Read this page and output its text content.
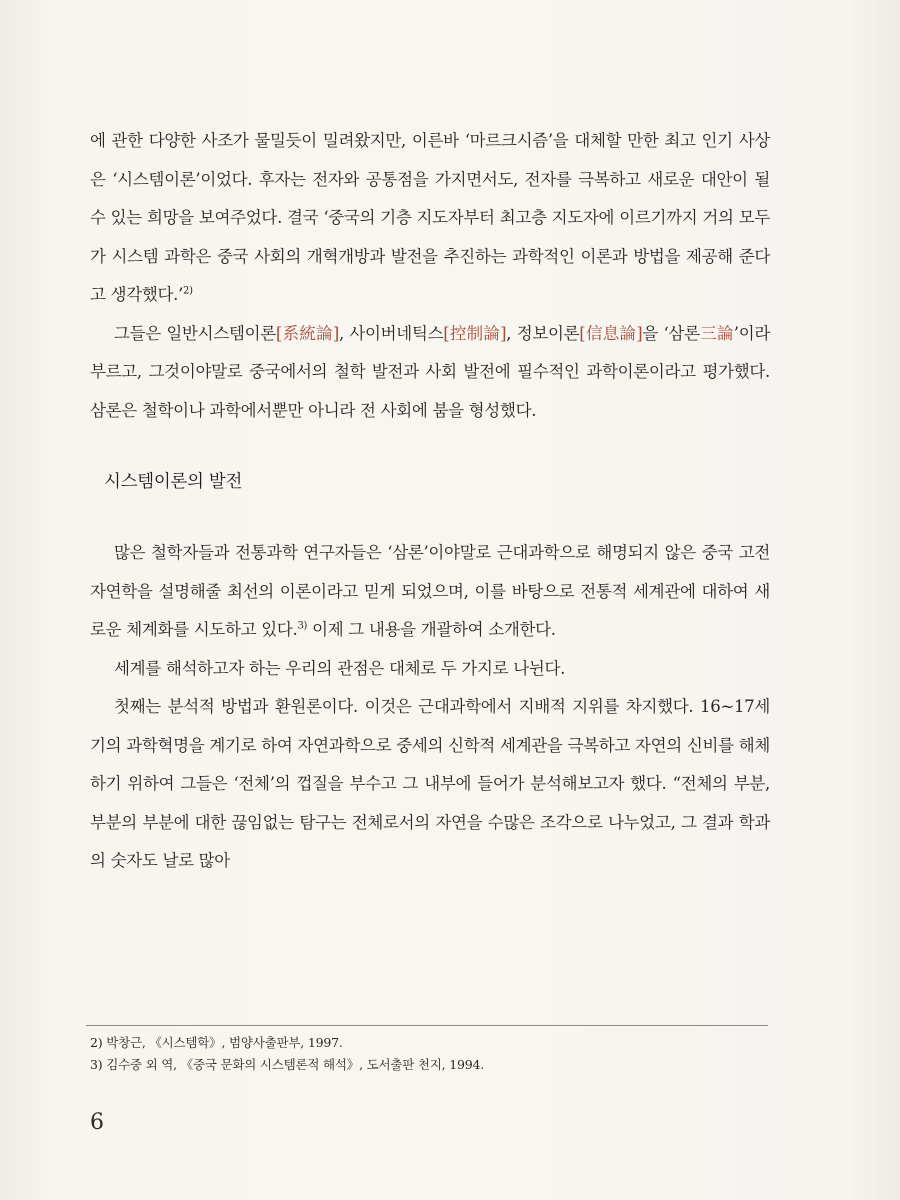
에 관한 다양한 사조가 물밀듯이 밀려왔지만, 이른바 ‘마르크시즘’을 대체할 만한 최고 인기 사상은 ‘시스템이론’이었다. 후자는 전자와 공통점을 가지면서도, 전자를 극복하고 새로운 대안이 될 수 있는 희망을 보여주었다. 결국 ‘중국의 기층 지도자부터 최고층 지도자에 이르기까지 거의 모두가 시스템 과학은 중국 사회의 개혁개방과 발전을 추진하는 과학적인 이론과 방법을 제공해 준다고 생각했다.’$^{2)}$

그들은 일반시스템이론[系統論], 사이버네틱스[控制論], 정보이론[信息論]을 ‘삼론三論’이라 부르고, 그것이야말로 중국에서의 철학 발전과 사회 발전에 필수적인 과학이론이라고 평가했다. 삼론은 철학이나 과학에서뿐만 아니라 전 사회에 붐을 형성했다.

시스템이론의 발전

많은 철학자들과 전통과학 연구자들은 ‘삼론’이야말로 근대과학으로 해명되지 않은 중국 고전자연학을 설명해줄 최선의 이론이라고 믿게 되었으며, 이를 바탕으로 전통적 세계관에 대하여 새로운 체계화를 시도하고 있다.$^{3)}$ 이제 그 내용을 개괄하여 소개한다.

세계를 해석하고자 하는 우리의 관점은 대체로 두 가지로 나뉜다.

첫째는 분석적 방법과 환원론이다. 이것은 근대과학에서 지배적 지위를 차지했다. 16~17세기의 과학혁명을 계기로 하여 자연과학으로 중세의 신학적 세계관을 극복하고 자연의 신비를 해체하기 위하여 그들은 ‘전체’의 껍질을 부수고 그 내부에 들어가 분석해보고자 했다. “전체의 부분, 부분의 부분에 대한 끊임없는 탐구는 전체로서의 자연을 수많은 조각으로 나누었고, 그 결과 학과의 숫자도 날로 많아

2) 박창근, 《시스템학》, 범양사출판부, 1997.

3) 김수중 외 역, 《중국 문화의 시스템론적 해석》, 도서출판 천지, 1994.

6
